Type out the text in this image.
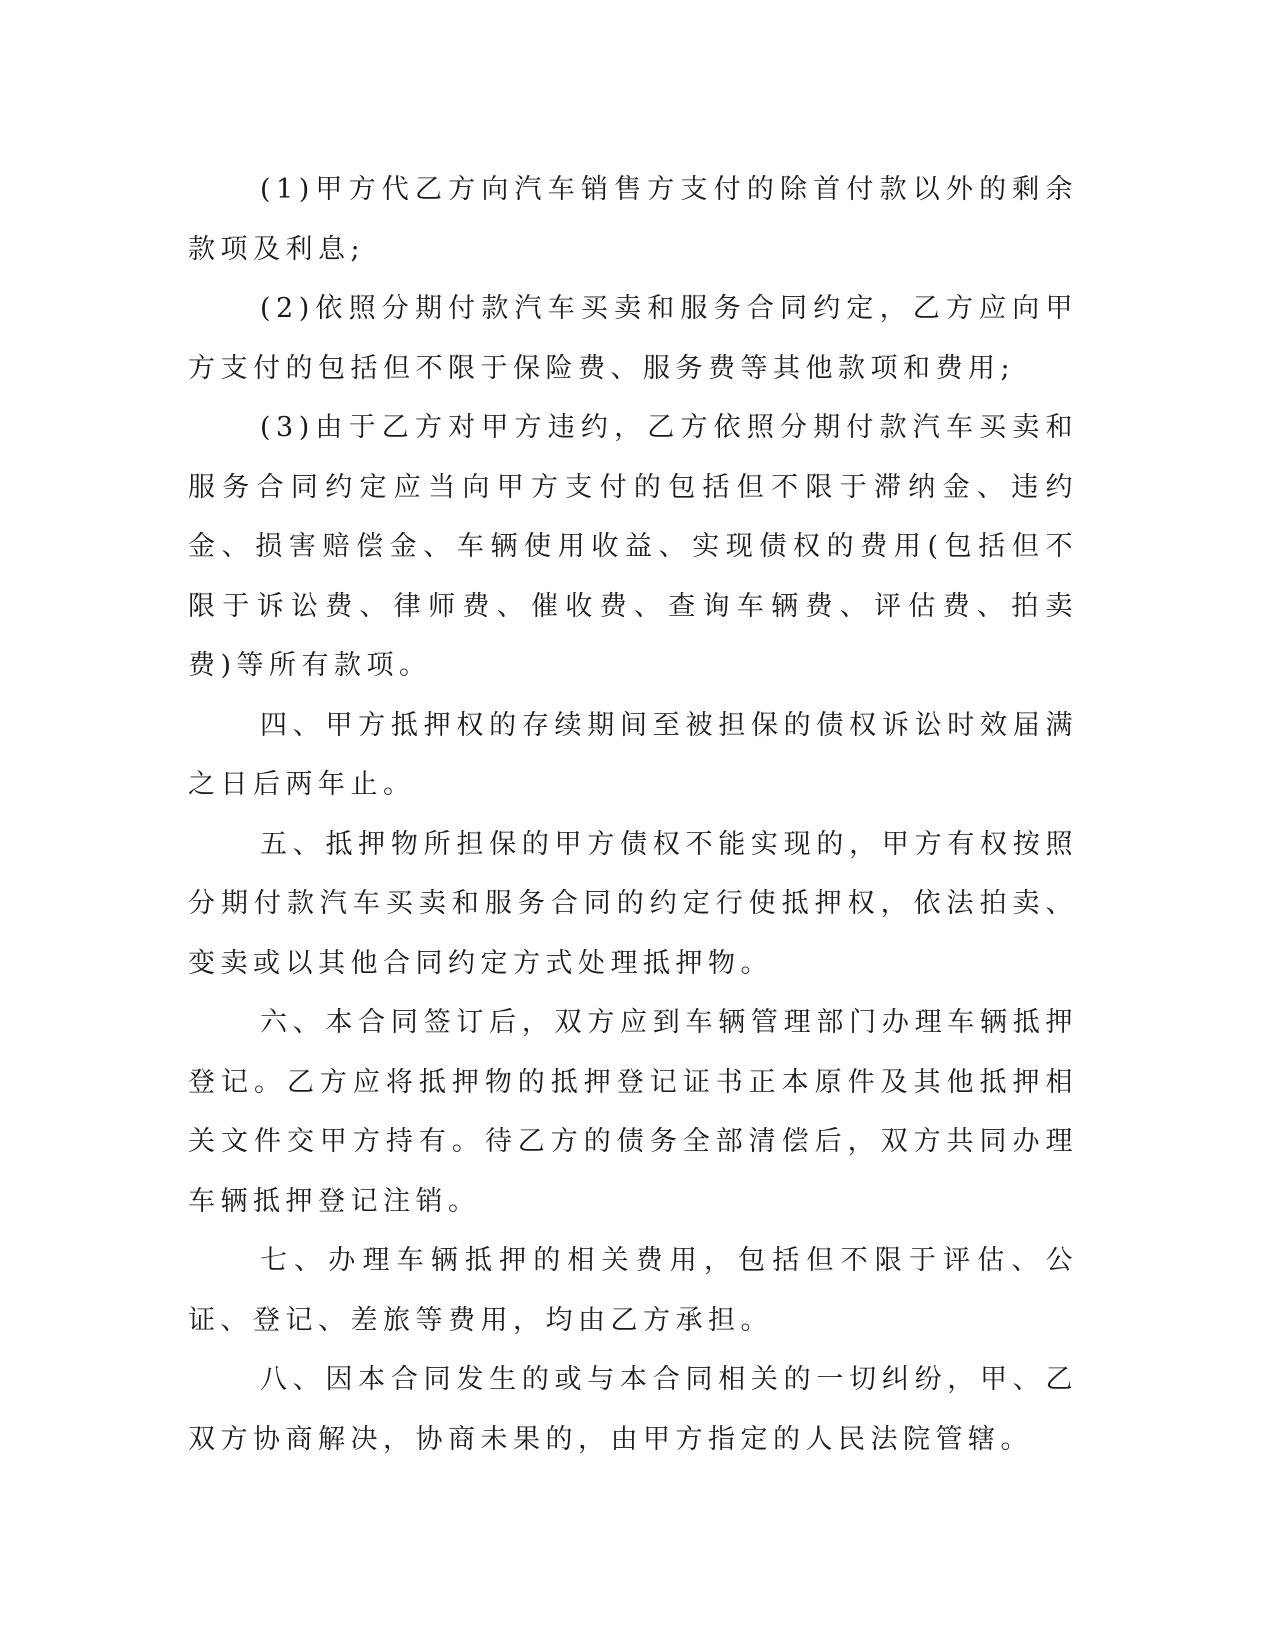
(1)甲方代乙方向汽车销售方支付的除首付款以外的剩余款项及利息;

(2)依照分期付款汽车买卖和服务合同约定，乙方应向甲方支付的包括但不限于保险费、服务费等其他款项和费用;

(3)由于乙方对甲方违约，乙方依照分期付款汽车买卖和服务合同约定应当向甲方支付的包括但不限于滞纳金、违约金、损害赔偿金、车辆使用收益、实现债权的费用(包括但不限于诉讼费、律师费、催收费、查询车辆费、评估费、拍卖费)等所有款项。

四、甲方抵押权的存续期间至被担保的债权诉讼时效届满之日后两年止。

五、抵押物所担保的甲方债权不能实现的，甲方有权按照分期付款汽车买卖和服务合同的约定行使抵押权，依法拍卖、变卖或以其他合同约定方式处理抵押物。

六、本合同签订后，双方应到车辆管理部门办理车辆抵押登记。乙方应将抵押物的抵押登记证书正本原件及其他抵押相关文件交甲方持有。待乙方的债务全部清偿后，双方共同办理车辆抵押登记注销。

七、办理车辆抵押的相关费用，包括但不限于评估、公证、登记、差旅等费用，均由乙方承担。

八、因本合同发生的或与本合同相关的一切纠纷，甲、乙双方协商解决，协商未果的，由甲方指定的人民法院管辖。
